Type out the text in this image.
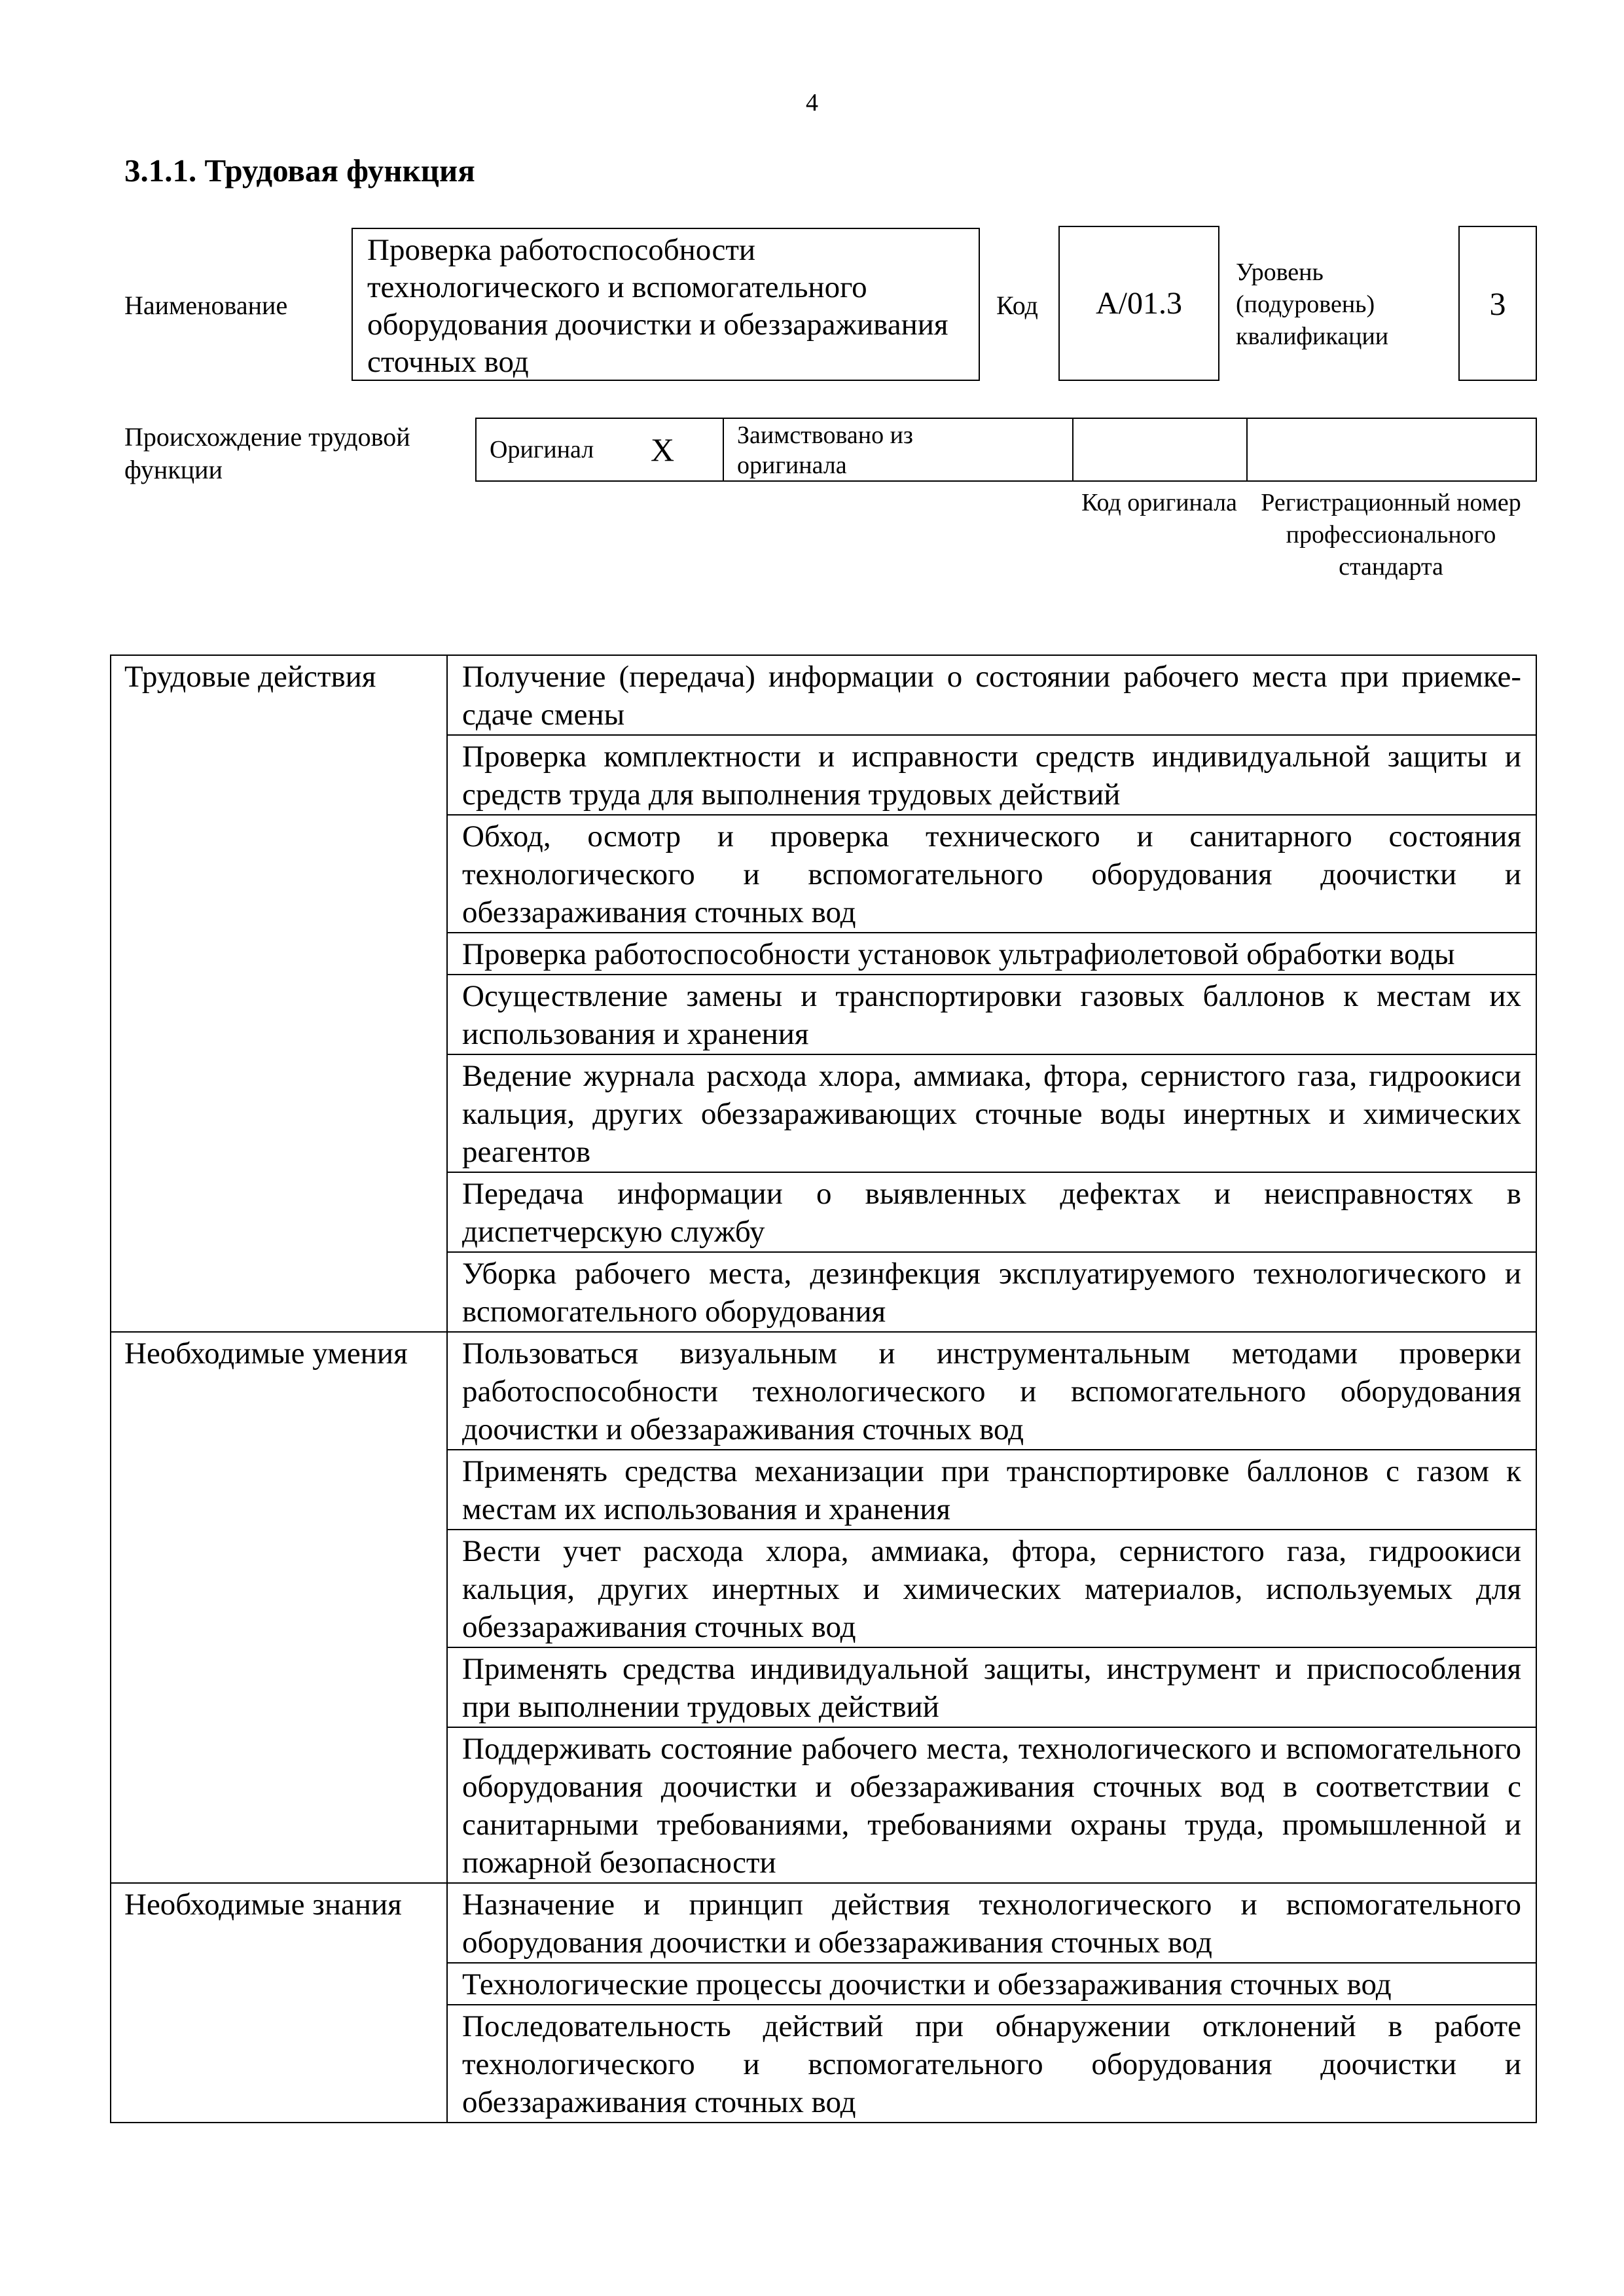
4
3.1.1. Трудовая функция
Наименование
Проверка работоспособности технологического и вспомогательного оборудования доочистки и обеззараживания сточных вод
Код А/01.3
Уровень (подуровень) квалификации
3
Происхождение трудовой функции
Оригинал X	Заимствовано из оригинала
Код оригинала Регистрационный номер профессионального стандарта
Трудовые действия	Получение (передача) информации о состоянии рабочего места при приемке-сдаче смены
	Проверка комплектности и исправности средств индивидуальной защиты и средств труда для выполнения трудовых действий
	Обход, осмотр и проверка технического и санитарного состояния технологического и вспомогательного оборудования доочистки и обеззараживания сточных вод
	Проверка работоспособности установок ультрафиолетовой обработки воды
	Осуществление замены и транспортировки газовых баллонов к местам их использования и хранения
	Ведение журнала расхода хлора, аммиака, фтора, сернистого газа, гидроокиси кальция, других обеззараживающих сточные воды инертных и химических реагентов
	Передача информации о выявленных дефектах и неисправностях в диспетчерскую службу
	Уборка рабочего места, дезинфекция эксплуатируемого технологического и вспомогательного оборудования
Необходимые умения	Пользоваться визуальным и инструментальным методами проверки работоспособности технологического и вспомогательного оборудования доочистки и обеззараживания сточных вод
	Применять средства механизации при транспортировке баллонов с газом к местам их использования и хранения
	Вести учет расхода хлора, аммиака, фтора, сернистого газа, гидроокиси кальция, других инертных и химических материалов, используемых для обеззараживания сточных вод
	Применять средства индивидуальной защиты, инструмент и приспособления при выполнении трудовых действий
	Поддерживать состояние рабочего места, технологического и вспомогательного оборудования доочистки и обеззараживания сточных вод в соответствии с санитарными требованиями, требованиями охраны труда, промышленной и пожарной безопасности
Необходимые знания	Назначение и принцип действия технологического и вспомогательного оборудования доочистки и обеззараживания сточных вод
	Технологические процессы доочистки и обеззараживания сточных вод
	Последовательность действий при обнаружении отклонений в работе технологического и вспомогательного оборудования доочистки и обеззараживания сточных вод
